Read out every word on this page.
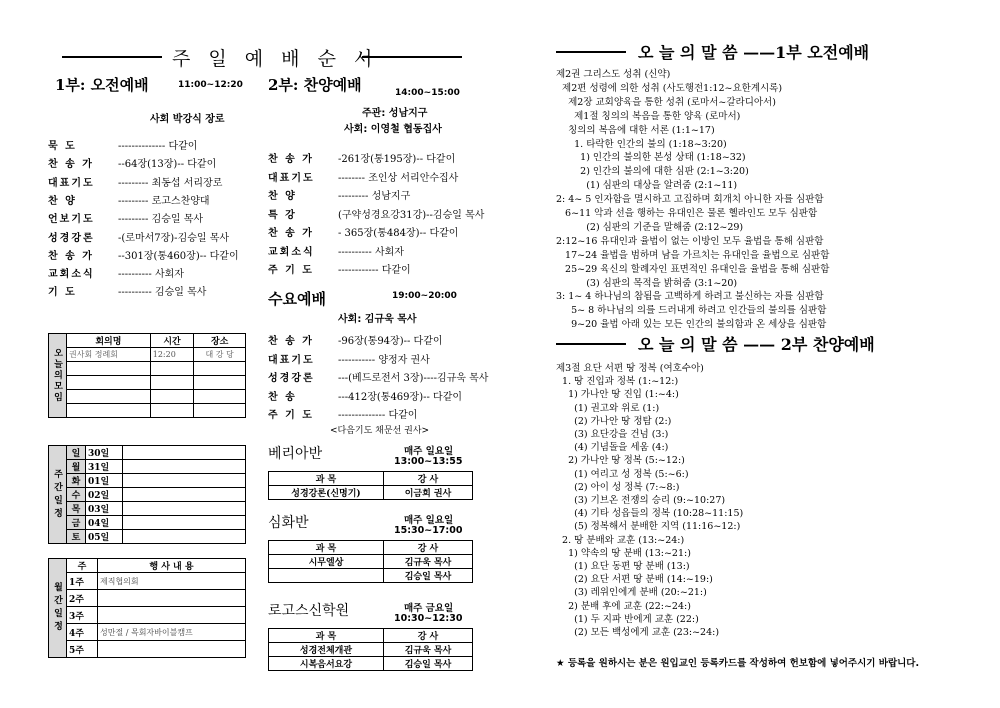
주 일 예 배 순 서
1부: 오전예배	11:00~12:20
사회 박강식 장로
묵 도	-------------- 다같이
찬 송 가 --64장(13장)-- 다같이
대표기도 --------- 최동섭 서리장로
찬 양	--------- 로고스찬양대
언보기도 --------- 김승일 목사
성경강론 -(로마서7장)-김승일 목사
찬 송 가 --301장(통460장)-- 다같이
교회소식 ---------- 사회자
기 도	---------- 김승일 목사
2부: 찬양예배	14:00~15:00
주관: 성남지구
사회: 이영철 협동집사
찬 송 가 -261장(통195장)-- 다같이
대표기도 -------- 조인상 서리안수집사
찬 양	--------- 성남지구
특 강	(구약성경요강31강)--김승일 목사
찬 송 가 - 365장(통484장)-- 다같이
교회소식 ---------- 사회자
주 기 도 ------------ 다같이
수요예배	19:00~20:00
사회: 김규욱 목사
찬 송 가 -96장(통94장)-- 다같이
대표기도 ----------- 양정자 권사
성경강론 ---(베드로전서 3장)----김규욱 목사
찬 송	---412장(통469장)-- 다같이
주 기 도 -------------- 다같이
<다음기도 채문선 권사>
오늘의모임	회의명	시간	장소
	권사회 정례회	12:20	대 강 당

주간일정	일	30일	
	월	31일	
	화	01일	
	수	02일	
	목	03일	
	금	04일	
	토	05일	
월간일정	주	행 사 내 용
	1주	제직협의회
	2주	
	3주	
	4주	성만절 / 목회자바이블캠프
	5주	
베리아반	매주 일요일
13:00~13:55
과 목	강 사
성경강론(신명기)	이금희 권사
심화반	매주 일요일
15:30~17:00
과 목	강 사
시무엘상	김규욱 목사
	김승일 목사
로고스신학원	매주 금요일
10:30~12:30
과 목	강 사
성경전체개관	김규욱 목사
시복음서요강	김승일 목사
오 늘 의 말 씀 ——1부 오전예배
제2권 그리스도 성취 (신약)
제2편 성령에 의한 성취 (사도행전1:12~요한계시록)
제2장 교회양육을 통한 성취 (로마서~갈라디아서)
제1절 칭의의 복음을 통한 양육 (로마서)
칭의의 복음에 대한 서론 (1:1~17)
1. 타락한 인간의 불의 (1:18~3:20)
1) 인간의 불의한 본성 상태 (1:18~32)
2) 인간의 불의에 대한 심판 (2:1~3:20)
(1) 심판의 대상을 알려줌 (2:1~11)
2: 4~ 5 인자함을 멸시하고 고집하며 회개치 아니한 자를 심판함
6~11 악과 선을 행하는 유대인은 물론 헬라인도 모두 심판함
(2) 심판의 기준을 말해줌 (2:12~29)
2:12~16 유대인과 율법이 없는 이방인 모두 율법을 통해 심판함
17~24 율법을 범하며 남을 가르치는 유대인을 율법으로 심판함
25~29 육신의 할례자인 표면적인 유대인을 율법을 통해 심판함
(3) 심판의 목적을 밝혀줌 (3:1~20)
3: 1~ 4 하나님의 참됨을 고백하게 하려고 불신하는 자를 심판함
5~ 8 하나님의 의를 드러내게 하려고 인간들의 불의를 심판함
9~20 율법 아래 있는 모든 인간의 불의함과 온 세상을 심판함
오 늘 의 말 씀 —— 2부 찬양예배
제3절 요단 서편 땅 정복 (여호수아)
1. 땅 진입과 정복 (1:~12:)
1) 가나안 땅 진입 (1:~4:)
(1) 권고와 위로 (1:)
(2) 가나안 땅 정탐 (2:)
(3) 요단강을 건넘 (3:)
(4) 기념돌을 세움 (4:)
2) 가나안 땅 정복 (5:~12:)
(1) 여리고 성 정복 (5:~6:)
(2) 아이 성 정복 (7:~8:)
(3) 기브온 전쟁의 승리 (9:~10:27)
(4) 기타 성읍들의 정복 (10:28~11:15)
(5) 정복해서 분배한 지역 (11:16~12:)
2. 땅 분배와 교훈 (13:~24:)
1) 약속의 땅 분배 (13:~21:)
(1) 요단 동편 땅 분배 (13:)
(2) 요단 서편 땅 분배 (14:~19:)
(3) 레위인에게 분배 (20:~21:)
2) 분배 후에 교훈 (22:~24:)
(1) 두 지파 반에게 교훈 (22:)
(2) 모든 백성에게 교훈 (23:~24:)
★ 등록을 원하시는 분은 원입교인 등록카드를 작성하여 헌보함에 넣어주시기 바랍니다.
